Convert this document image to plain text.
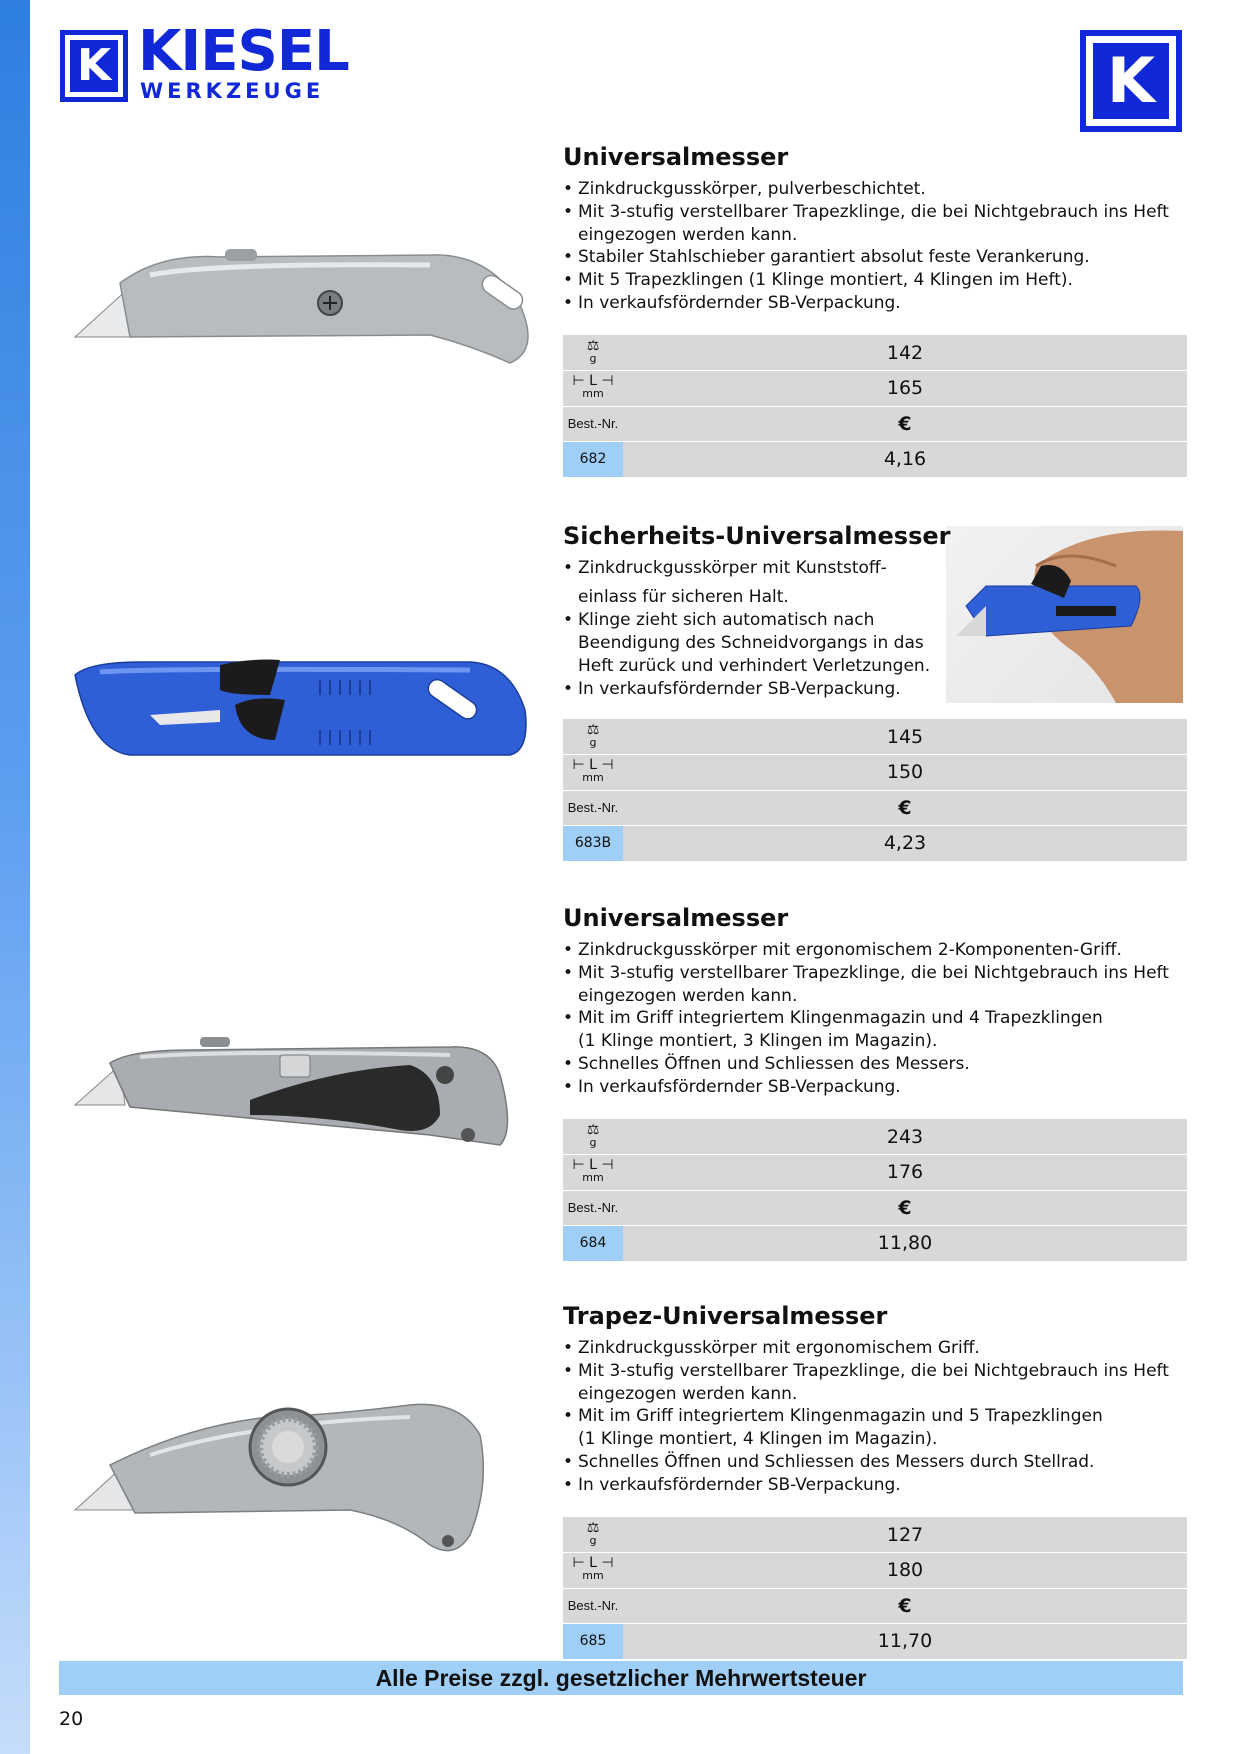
K KIESEL
WERKZEUGE	K
Universalmesser
• Zinkdruckgusskörper, pulverbeschichtet.
• Mit 3-stufig verstellbarer Trapezklinge, die bei Nichtgebrauch ins Heft
eingezogen werden kann.
• Stabiler Stahlschieber garantiert absolut feste Verankerung.
• Mit 5 Trapezklingen (1 Klinge montiert, 4 Klingen im Heft).
• In verkaufsfördernder SB-Verpackung.
⚖
g	142

⊢ L ⊣
mm	165
Best.-Nr.	€
682	4,16
Sicherheits-Universalmesser
• Zinkdruckgusskörper mit Kunststoff-
einlass für sicheren Halt.
• Klinge zieht sich automatisch nach
Beendigung des Schneidvorgangs in das
Heft zurück und verhindert Verletzungen.
• In verkaufsfördernder SB-Verpackung.
⚖
g	145

⊢ L ⊣
mm	150
Best.-Nr.	€
683B	4,23
Universalmesser
• Zinkdruckgusskörper mit ergonomischem 2-Komponenten-Griff.
• Mit 3-stufig verstellbarer Trapezklinge, die bei Nichtgebrauch ins Heft
eingezogen werden kann.
• Mit im Griff integriertem Klingenmagazin und 4 Trapezklingen
(1 Klinge montiert, 3 Klingen im Magazin).
• Schnelles Öffnen und Schliessen des Messers.
• In verkaufsfördernder SB-Verpackung.
⚖
g	243

⊢ L ⊣
mm	176
Best.-Nr.	€
684	11,80
Trapez-Universalmesser
• Zinkdruckgusskörper mit ergonomischem Griff.
• Mit 3-stufig verstellbarer Trapezklinge, die bei Nichtgebrauch ins Heft
eingezogen werden kann.
• Mit im Griff integriertem Klingenmagazin und 5 Trapezklingen
(1 Klinge montiert, 4 Klingen im Magazin).
• Schnelles Öffnen und Schliessen des Messers durch Stellrad.
• In verkaufsfördernder SB-Verpackung.
⚖
g	127

⊢ L ⊣
mm	180
Best.-Nr.	€
685	11,70
Alle Preise zzgl. gesetzlicher Mehrwertsteuer
20
